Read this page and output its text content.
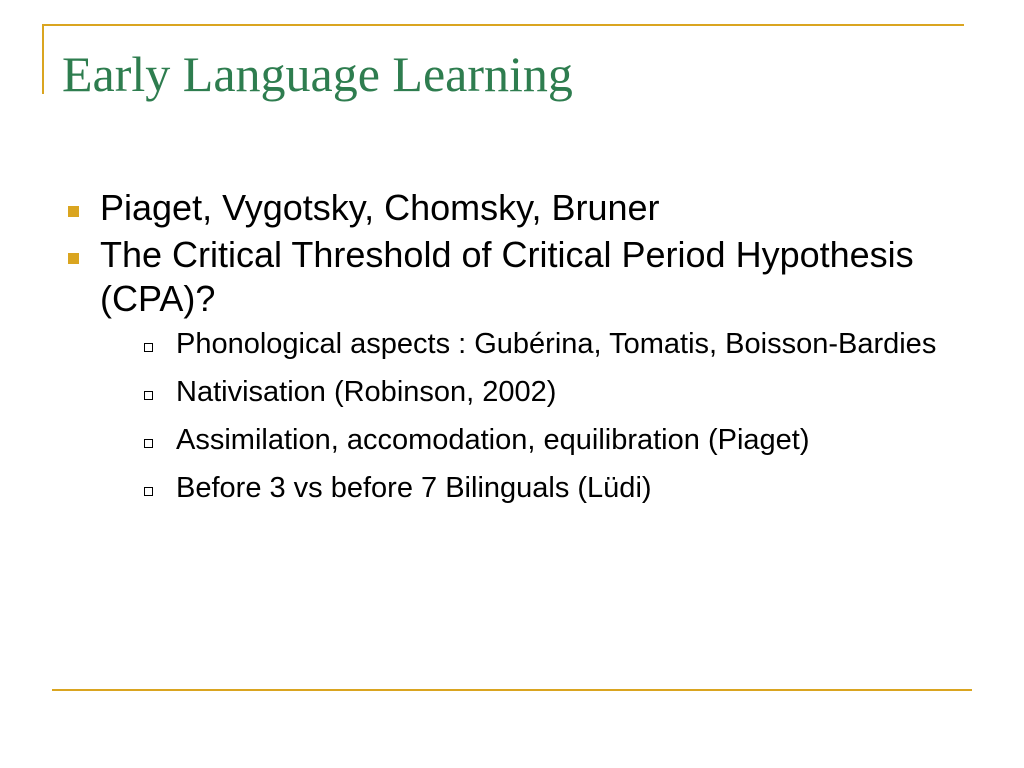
Early Language Learning
Piaget, Vygotsky, Chomsky, Bruner
The Critical Threshold of Critical Period Hypothesis (CPA)?
Phonological aspects : Gubérina, Tomatis, Boisson-Bardies
Nativisation (Robinson, 2002)
Assimilation, accomodation, equilibration (Piaget)
Before 3 vs before 7 Bilinguals (Lüdi)
